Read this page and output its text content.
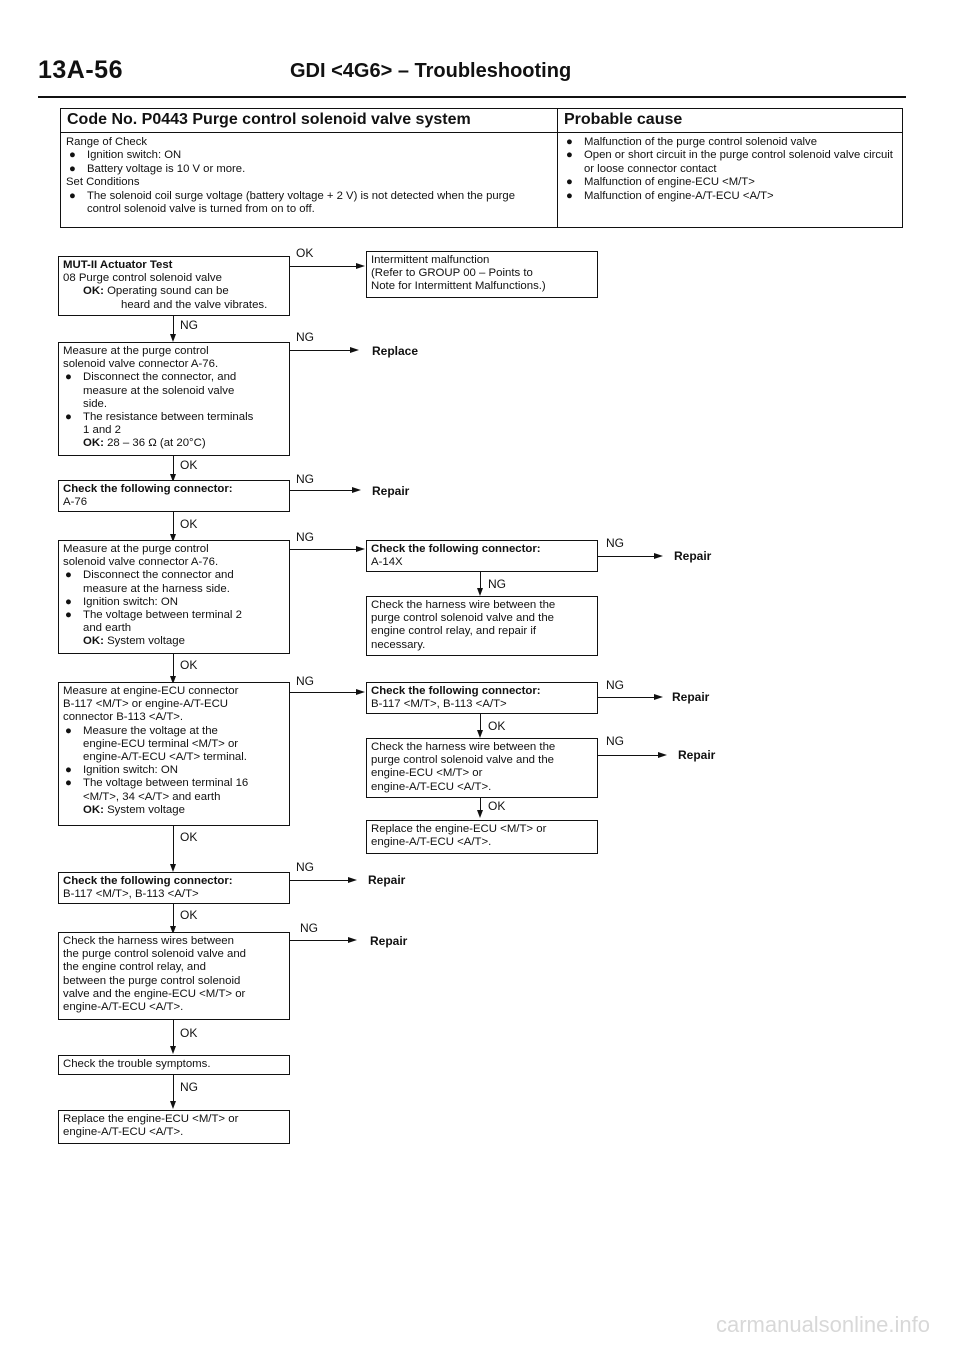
13A-56	GDI <4G6> – Troubleshooting
Code No. P0443 Purge control solenoid valve system
Range of Check
● Ignition switch: ON
● Battery voltage is 10 V or more.
Set Conditions
● The solenoid coil surge voltage (battery voltage + 2 V) is not detected when the purge control solenoid valve is turned from on to off.
Probable cause
● Malfunction of the purge control solenoid valve
● Open or short circuit in the purge control solenoid valve circuit or loose connector contact
● Malfunction of engine-ECU <M/T>
● Malfunction of engine-A/T-ECU <A/T>
MUT-II Actuator Test
08 Purge control solenoid valve
OK: Operating sound can be
heard and the valve vibrates.
OK	Intermittent malfunction
(Refer to GROUP 00 – Points to
Note for Intermittent Malfunctions.)
NG
Measure at the purge control
solenoid valve connector A-76.
● Disconnect the connector, and
measure at the solenoid valve
side.
● The resistance between terminals
1 and 2
OK: 28 – 36 Ω (at 20°C)
NG
Replace
OK
Check the following connector:
A-76
NG
Repair
OK
Measure at the purge control
solenoid valve connector A-76.
● Disconnect the connector and
measure at the harness side.
● Ignition switch: ON
● The voltage between terminal 2
and earth
OK: System voltage
NG
Check the following connector:
A-14X
NG
Repair
NG
Check the harness wire between the
purge control solenoid valve and the
engine control relay, and repair if
necessary.
OK
Measure at engine-ECU connector
B-117 <M/T> or engine-A/T-ECU
connector B-113 <A/T>.
● Measure the voltage at the
engine-ECU terminal <M/T> or
engine-A/T-ECU <A/T> terminal.
● Ignition switch: ON
● The voltage between terminal 16
<M/T>, 34 <A/T> and earth
OK: System voltage
NG
Check the following connector:
B-117 <M/T>, B-113 <A/T>
NG
Repair
OK
Check the harness wire between the
purge control solenoid valve and the
engine-ECU <M/T> or
engine-A/T-ECU <A/T>.
NG
Repair
OK
Replace the engine-ECU <M/T> or
engine-A/T-ECU <A/T>.
OK
Check the following connector:
B-117 <M/T>, B-113 <A/T>
NG
Repair
OK
Check the harness wires between
the purge control solenoid valve and
the engine control relay, and
between the purge control solenoid
valve and the engine-ECU <M/T> or
engine-A/T-ECU <A/T>.
NG
Repair
OK
Check the trouble symptoms.
NG
Replace the engine-ECU <M/T> or
engine-A/T-ECU <A/T>.
carmanualsonline.info
